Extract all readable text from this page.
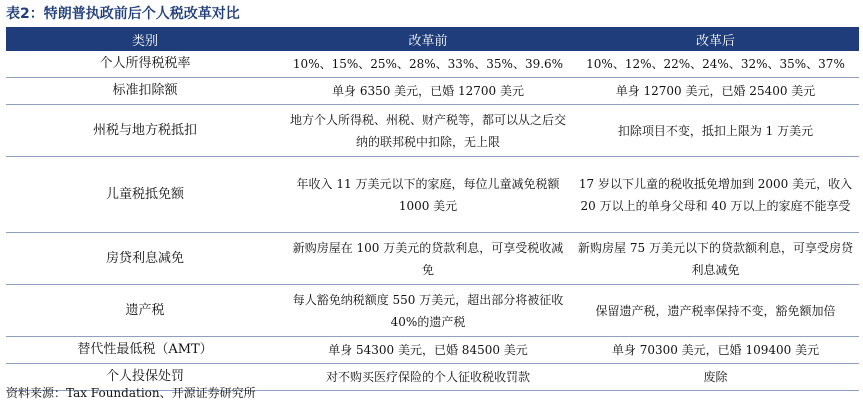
表2：特朗普执政前后个人税改革对比
类别	改革前	改革后
个人所得税税率	10%、15%、25%、28%、33%、35%、39.6%	10%、12%、22%、24%、32%、35%、37%
标准扣除额	单身 6350 美元，已婚 12700 美元	单身 12700 美元，已婚 25400 美元
州税与地方税抵扣	地方个人所得税、州税、财产税等，都可以从之后交纳的联邦税中扣除，无上限	扣除项目不变，抵扣上限为 1 万美元
儿童税抵免额	年收入 11 万美元以下的家庭，每位儿童减免税额 1000 美元	17 岁以下儿童的税收抵免增加到 2000 美元，收入 20 万以上的单身父母和 40 万以上的家庭不能享受
房贷利息减免	新购房屋在 100 万美元的贷款利息，可享受税收减免	新购房屋 75 万美元以下的贷款额利息，可享受房贷利息减免
遗产税	每人豁免纳税额度 550 万美元，超出部分将被征收 40%的遗产税	保留遗产税，遗产税率保持不变，豁免额加倍
替代性最低税（AMT）	单身 54300 美元，已婚 84500 美元	单身 70300 美元，已婚 109400 美元
个人投保处罚	对不购买医疗保险的个人征收税收罚款	废除
资料来源：Tax Foundation、开源证券研究所
